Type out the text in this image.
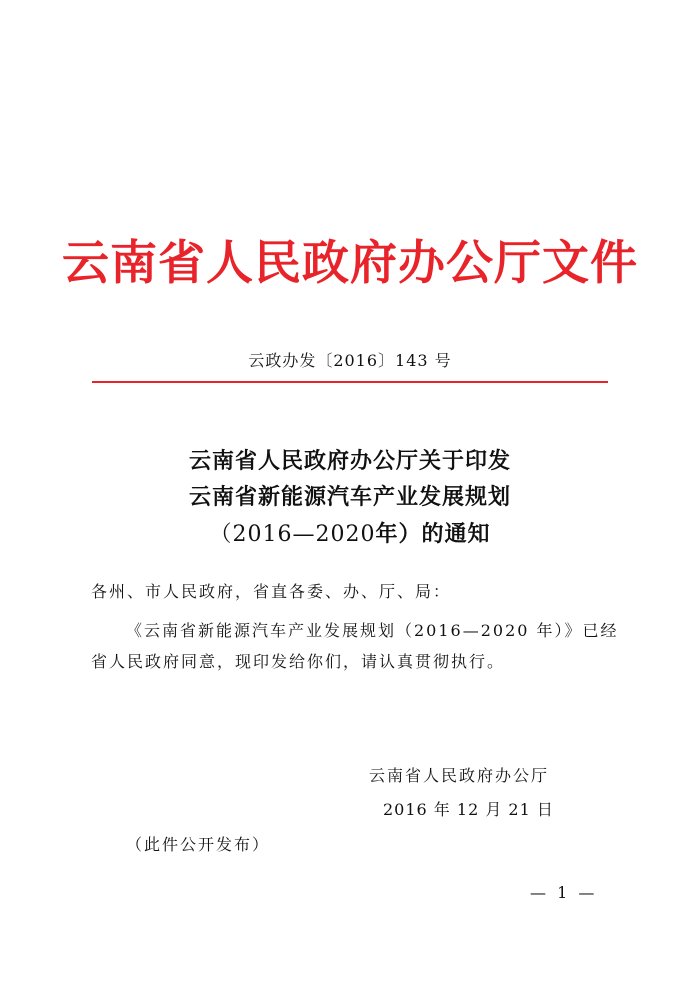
云南省人民政府办公厅文件
云政办发〔2016〕143 号
云南省人民政府办公厅关于印发
云南省新能源汽车产业发展规划
（2016—2020年）的通知
各州、市人民政府，省直各委、办、厅、局：
《云南省新能源汽车产业发展规划（2016—2020 年）》已经
省人民政府同意，现印发给你们，请认真贯彻执行。
云南省人民政府办公厅
2016 年 12 月 21 日
（此件公开发布）
— 1 —
